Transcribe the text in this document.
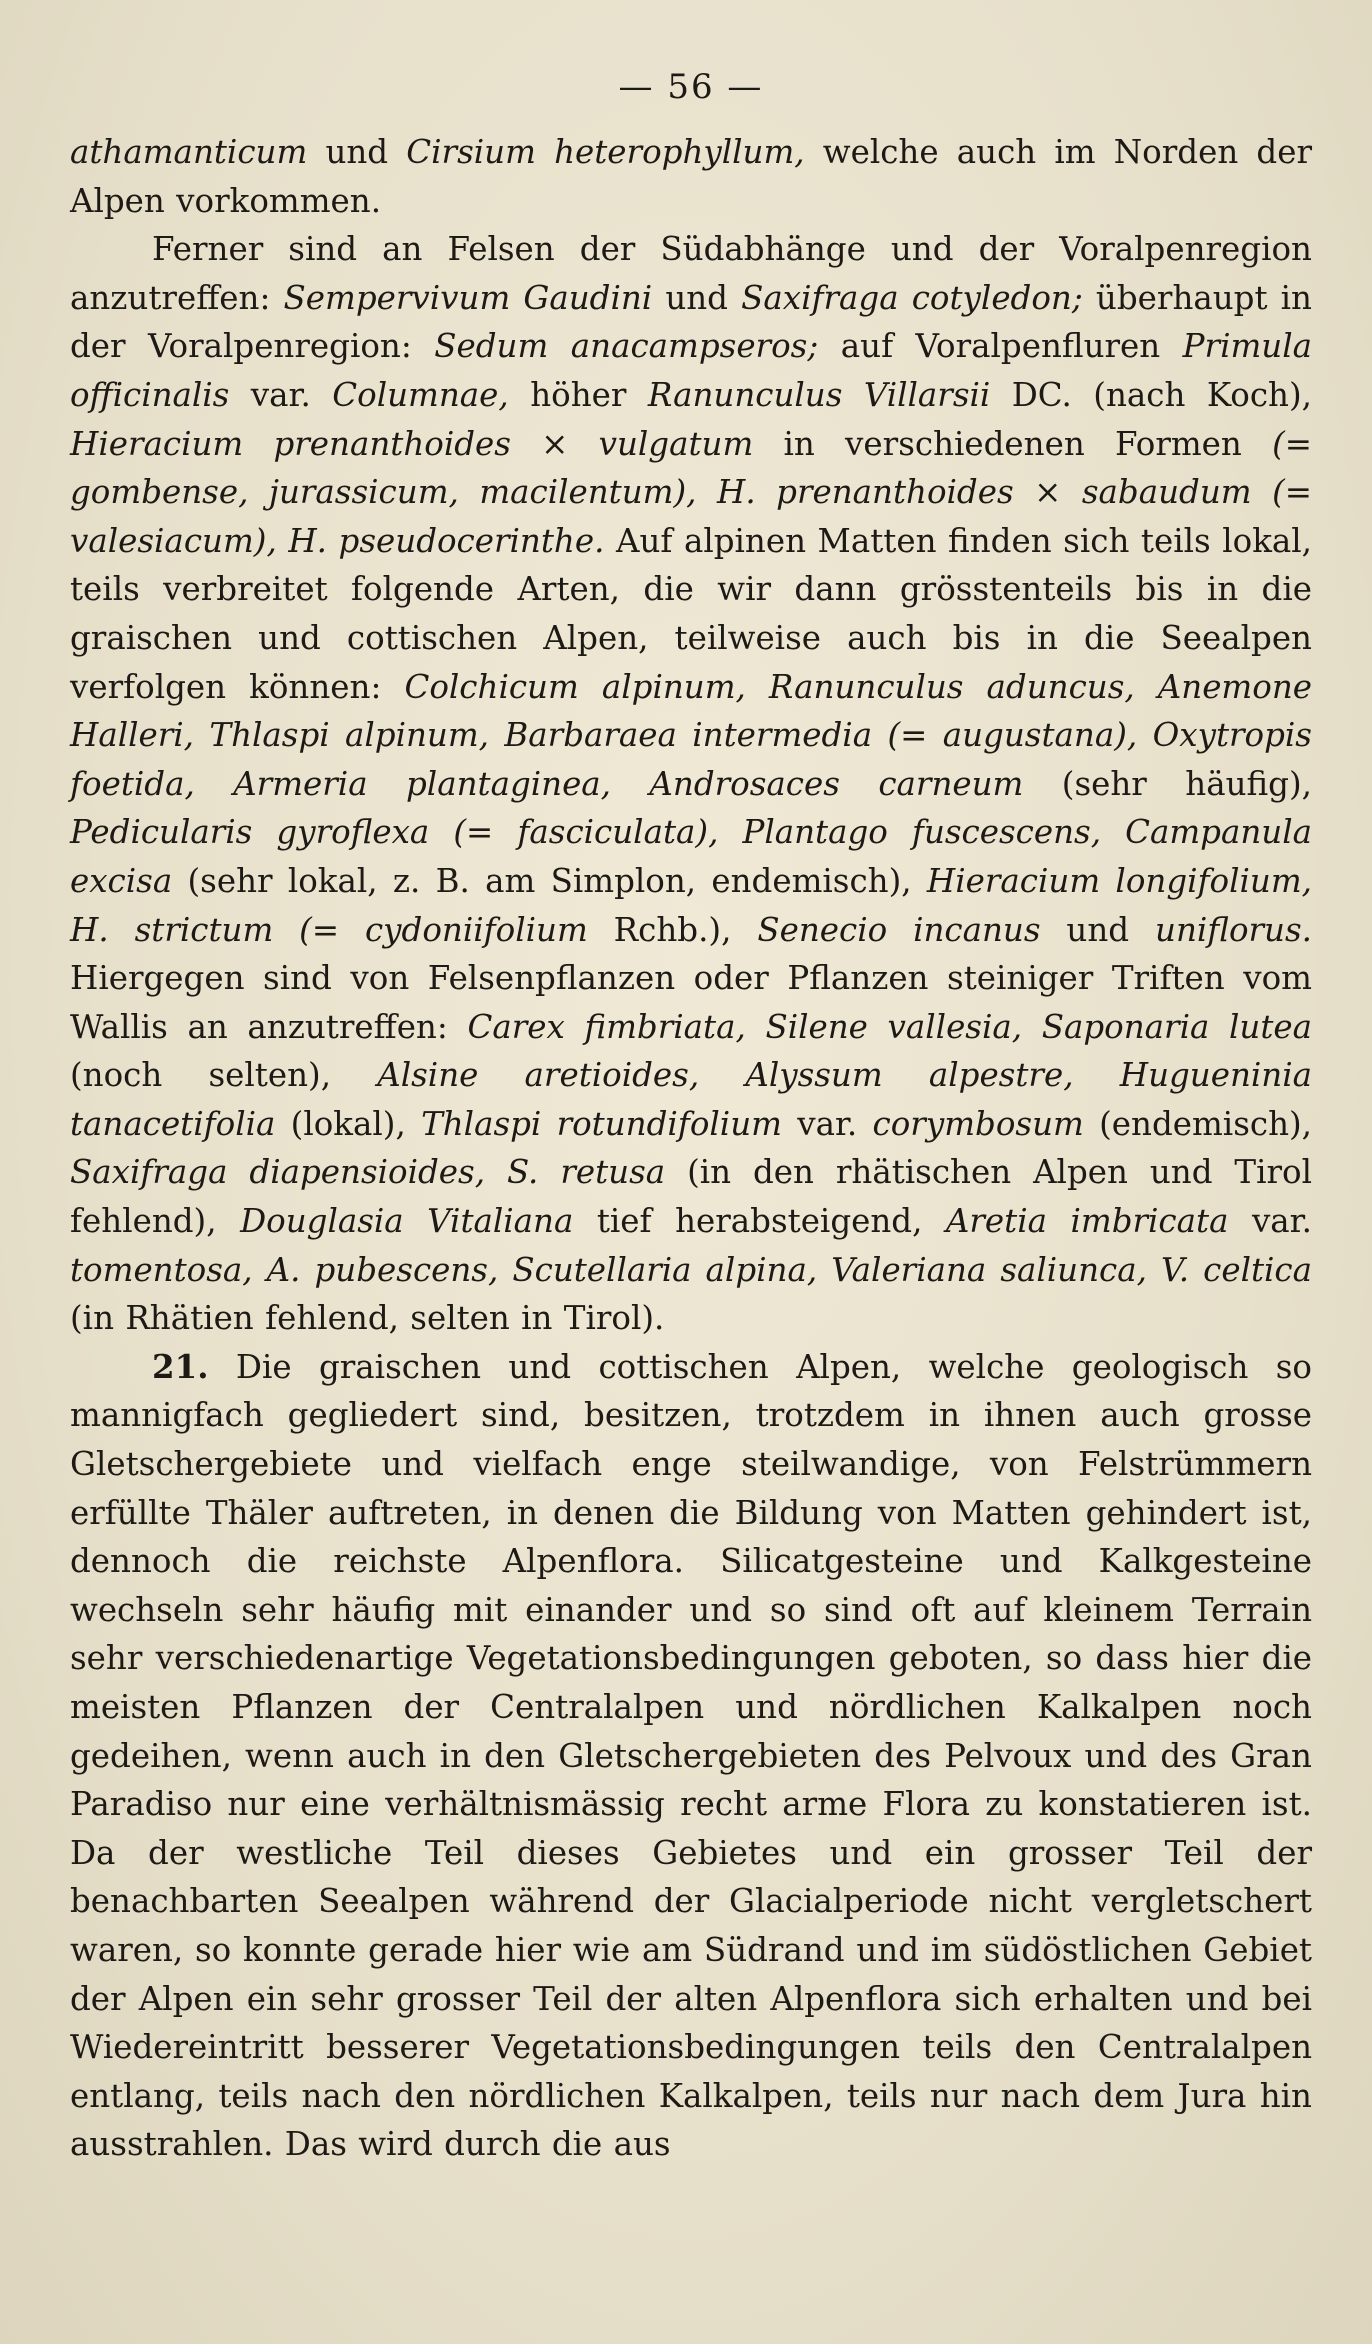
— 56 —

athamanticum und Cirsium heterophyllum, welche auch im Norden der Alpen vorkommen.

Ferner sind an Felsen der Südabhänge und der Voralpenregion anzutreffen: Sempervivum Gaudini und Saxifraga cotyledon; überhaupt in der Voralpenregion: Sedum anacampseros; auf Voralpenfluren Primula officinalis var. Columnae, höher Ranunculus Villarsii DC. (nach Koch), Hieracium prenanthoides × vulgatum in verschiedenen Formen (= gombense, jurassicum, macilentum), H. prenanthoides × sabaudum (= valesiacum), H. pseudocerinthe. Auf alpinen Matten finden sich teils lokal, teils verbreitet folgende Arten, die wir dann grösstenteils bis in die graischen und cottischen Alpen, teilweise auch bis in die Seealpen verfolgen können: Colchicum alpinum, Ranunculus aduncus, Anemone Halleri, Thlaspi alpinum, Barbaraea intermedia (= augustana), Oxytropis foetida, Armeria plantaginea, Androsaces carneum (sehr häufig), Pedicularis gyroflexa (= fasciculata), Plantago fuscescens, Campanula excisa (sehr lokal, z. B. am Simplon, endemisch), Hieracium longifolium, H. strictum (= cydoniifolium Rchb.), Senecio incanus und uniflorus. Hiergegen sind von Felsenpflanzen oder Pflanzen steiniger Triften vom Wallis an anzutreffen: Carex fimbriata, Silene vallesia, Saponaria lutea (noch selten), Alsine aretioides, Alyssum alpestre, Hugueninia tanacetifolia (lokal), Thlaspi rotundifolium var. corymbosum (endemisch), Saxifraga diapensioides, S. retusa (in den rhätischen Alpen und Tirol fehlend), Douglasia Vitaliana tief herabsteigend, Aretia imbricata var. tomentosa, A. pubescens, Scutellaria alpina, Valeriana saliunca, V. celtica (in Rhätien fehlend, selten in Tirol).

21. Die graischen und cottischen Alpen, welche geologisch so mannigfach gegliedert sind, besitzen, trotzdem in ihnen auch grosse Gletschergebiete und vielfach enge steilwandige, von Felstrümmern erfüllte Thäler auftreten, in denen die Bildung von Matten gehindert ist, dennoch die reichste Alpenflora. Silicatgesteine und Kalkgesteine wechseln sehr häufig mit einander und so sind oft auf kleinem Terrain sehr verschiedenartige Vegetationsbedingungen geboten, so dass hier die meisten Pflanzen der Centralalpen und nördlichen Kalkalpen noch gedeihen, wenn auch in den Gletschergebieten des Pelvoux und des Gran Paradiso nur eine verhältnismässig recht arme Flora zu konstatieren ist. Da der westliche Teil dieses Gebietes und ein grosser Teil der benachbarten Seealpen während der Glacialperiode nicht vergletschert waren, so konnte gerade hier wie am Südrand und im südöstlichen Gebiet der Alpen ein sehr grosser Teil der alten Alpenflora sich erhalten und bei Wiedereintritt besserer Vegetationsbedingungen teils den Centralalpen entlang, teils nach den nördlichen Kalkalpen, teils nur nach dem Jura hin ausstrahlen. Das wird durch die aus
